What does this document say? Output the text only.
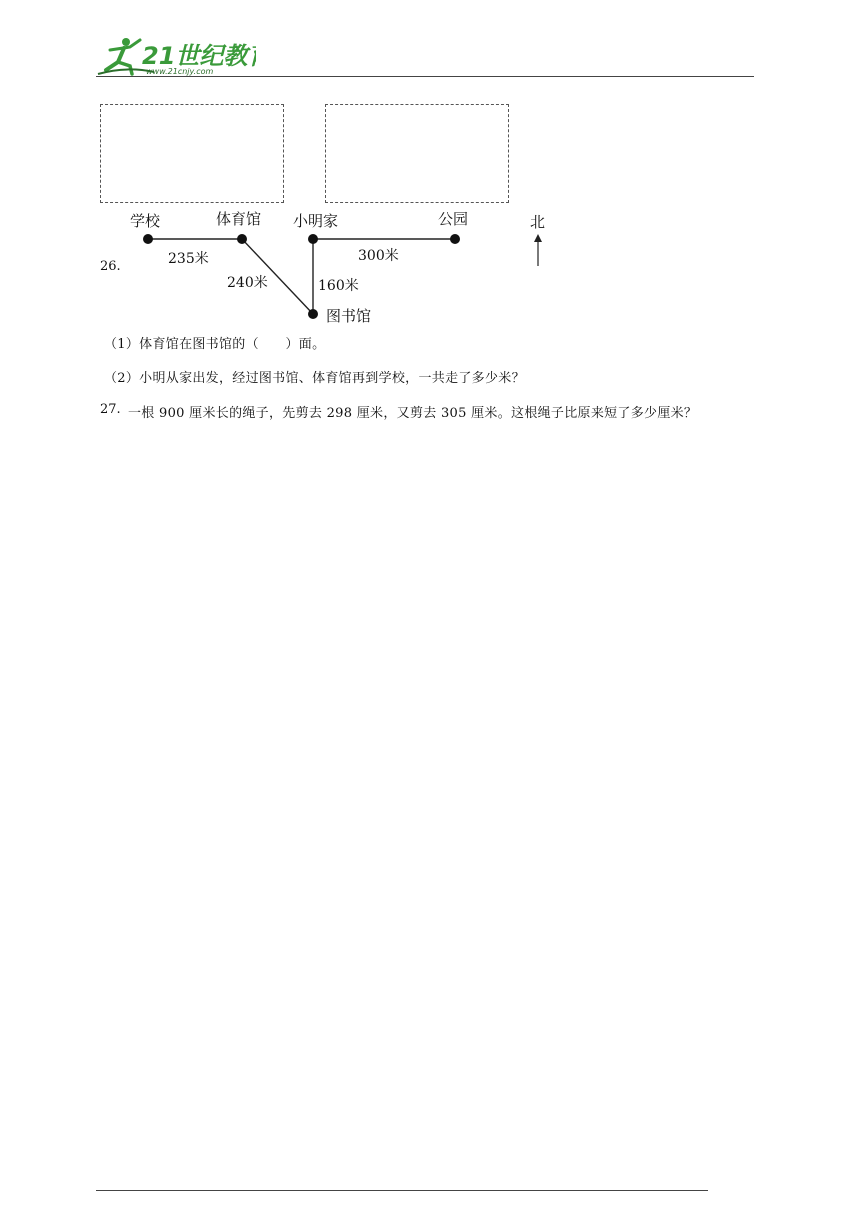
21世纪教
www.21cnjy.com
26.
学校	体育馆 小明家	公园
图书馆
235米
240米	160米
300米
北
（1）体育馆在图书馆的（　　）面。
（2）小明从家出发，经过图书馆、体育馆再到学校，一共走了多少米？
27. 一根 900 厘米长的绳子，先剪去 298 厘米，又剪去 305 厘米。这根绳子比原来短了多少厘米？
